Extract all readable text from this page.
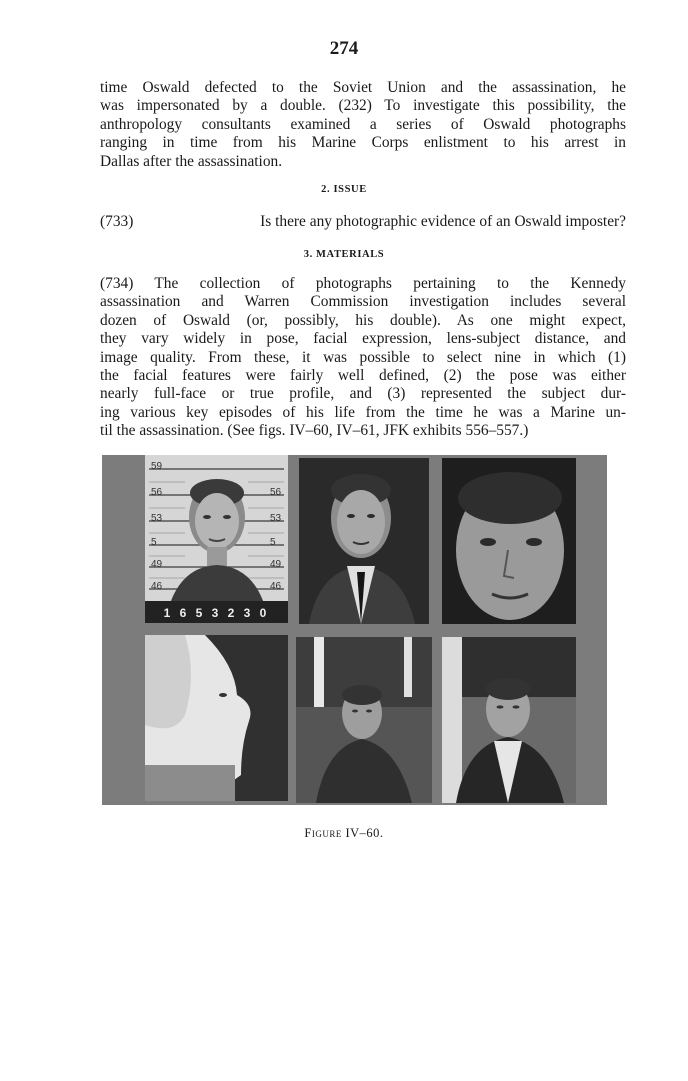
274
time Oswald defected to the Soviet Union and the assassination, he
was impersonated by a double. (232) To investigate this possibility, the
anthropology consultants examined a series of Oswald photographs
ranging in time from his Marine Corps enlistment to his arrest in
Dallas after the assassination.
2. ISSUE
(733)	Is there any photographic evidence of an Oswald imposter?
3. MATERIALS
(734) The collection of photographs pertaining to the Kennedy
assassination and Warren Commission investigation includes several
dozen of Oswald (or, possibly, his double). As one might expect,
they vary widely in pose, facial expression, lens-subject distance, and
image quality. From these, it was possible to select nine in which (1)
the facial features were fairly well defined, (2) the pose was either
nearly full-face or true profile, and (3) represented the subject dur-
ing various key episodes of his life from the time he was a Marine un-
til the assassination. (See figs. IV–60, IV–61, JFK exhibits 556–557.)
1 6 5 3 2 3 0
Figure IV–60.
